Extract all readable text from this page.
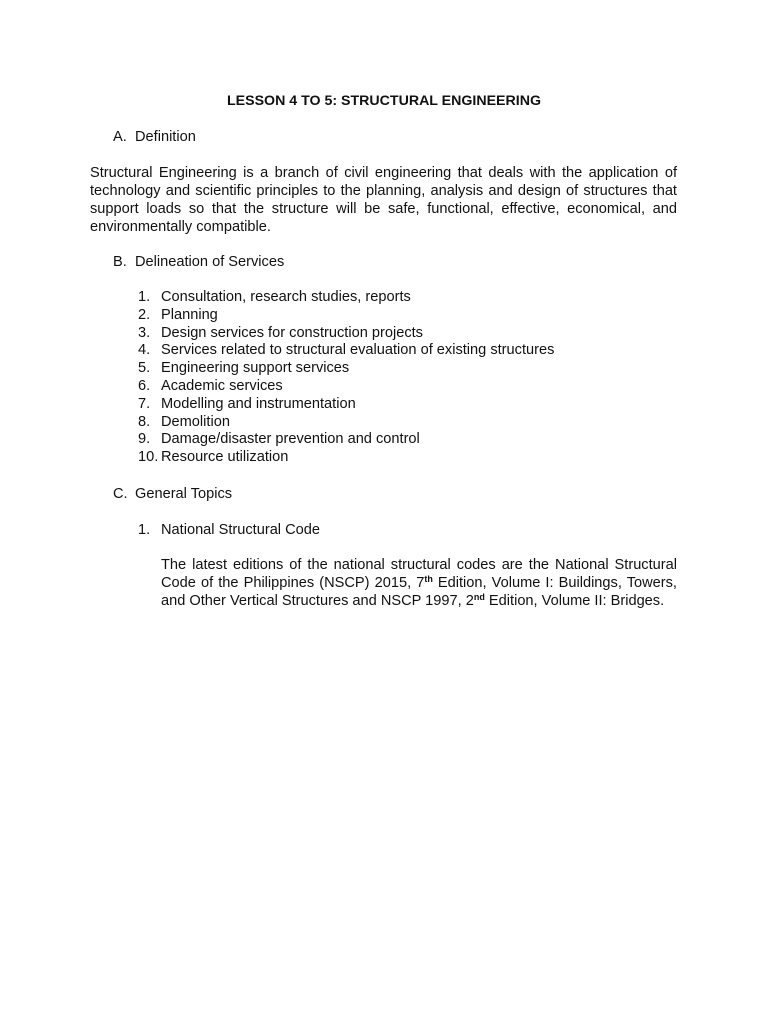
LESSON 4 TO 5: STRUCTURAL ENGINEERING
A. Definition
Structural Engineering is a branch of civil engineering that deals with the application of technology and scientific principles to the planning, analysis and design of structures that support loads so that the structure will be safe, functional, effective, economical, and environmentally compatible.
B. Delineation of Services
1. Consultation, research studies, reports
2. Planning
3. Design services for construction projects
4. Services related to structural evaluation of existing structures
5. Engineering support services
6. Academic services
7. Modelling and instrumentation
8. Demolition
9. Damage/disaster prevention and control
10. Resource utilization
C. General Topics
1. National Structural Code
The latest editions of the national structural codes are the National Structural Code of the Philippines (NSCP) 2015, 7th Edition, Volume I: Buildings, Towers, and Other Vertical Structures and NSCP 1997, 2nd Edition, Volume II: Bridges.
